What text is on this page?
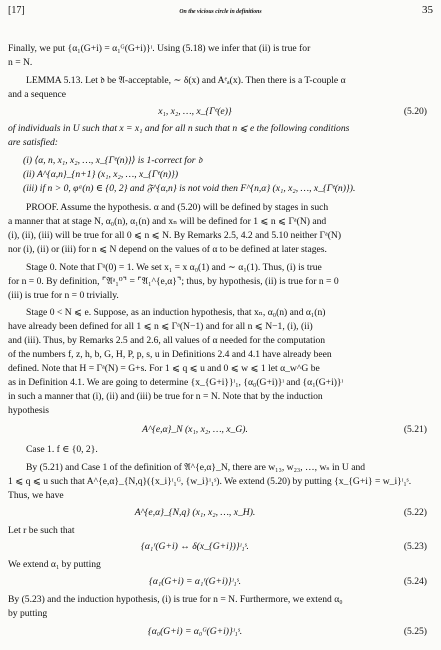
[17]	On the vicious circle in definitions	35
Finally, we put {α₁(G+i) = α₁ᴳ(G+i)}ᶦ. Using (5.18) we infer that (ii) is true for
n = N.
LEMMA 5.13. Let 𝔡 be 𝔄-acceptable, ∼ δ(x) and Aᵉₐ(x). Then there is a T-couple α
and a sequence
x₁, x₂, …, x_{Γᵉ(e)}	(5.20)
of individuals in U such that x = x₁ and for all n such that n ⩽ e the following conditions
are satisfied:
(i) ⟨α, n, x₁, x₂, …, x_{Γᵉ(n)}⟩ is 1-correct for 𝔡
(ii) A^{α,n}_{n+1} (x₁, x₂, …, x_{Γᵉ(n)})
(iii) if n > 0, φᵃ(n) ∈ {0, 2} and 𝔉^{α,n} is not void then F^{n,α} (x₁, x₂, …, x_{Γᵉ(n)}).
PROOF. Assume the hypothesis. α and (5.20) will be defined by stages in such
a manner that at stage N, α₀(n), α₁(n) and xₙ will be defined for 1 ⩽ n ⩽ Γᵃ(N) and
(i), (ii), (iii) will be true for all 0 ⩽ n ⩽ N. By Remarks 2.5, 4.2 and 5.10 neither Γᵃ(N)
nor (i), (ii) or (iii) for n ⩽ N depend on the values of α to be defined at later stages.
Stage 0. Note that Γᵃ(0) = 1. We set x₁ = x α₀(1) and ∼ α₁(1). Thus, (i) is true
for n = 0. By definition, ⌜𝔄ᵃ₁⁰⌝ = ⌜𝔄₁^{e,α}⌝; thus, by hypothesis, (ii) is true for n = 0
(iii) is true for n = 0 trivially.
Stage 0 < N ⩽ e. Suppose, as an induction hypothesis, that xₙ, α₀(n) and α₁(n)
have already been defined for all 1 ⩽ n ⩽ Γᵃ(N−1) and for all n ⩽ N−1, (i), (ii)
and (iii). Thus, by Remarks 2.5 and 2.6, all values of α needed for the computation
of the numbers f, z, h, b, G, H, P, p, s, u in Definitions 2.4 and 4.1 have already been
defined. Note that H = Γᵃ(N) = G+s. For 1 ⩽ q ⩽ u and 0 ⩽ w ⩽ 1 let α_w^G be
as in Definition 4.1. We are going to determine {x_{G+i}}ᶦ₁, {α₀(G+i)}ᶦ and {α₁(G+i)}ᶦ
in such a manner that (i), (ii) and (iii) be true for n = N. Note that by the induction
hypothesis
A^{e,α}_N (x₁, x₂, …, x_G).	(5.21)
Case 1. f ∈ {0, 2}.
By (5.21) and Case 1 of the definition of 𝔄^{e,α}_N, there are w₁₃, w₂₃, …, wₛ in U and
1 ⩽ q ⩽ u such that A^{e,α}_{N,q}({x_i}ᶦ₁ᴳ, {w_i}ᶦ₁ˢ). We extend (5.20) by putting {x_{G+i} = w_i}ᶦ₁ˢ.
Thus, we have
A^{e,α}_{N,q} (x₁, x₂, …, x_H).	(5.22)
Let r be such that
{α₁ʳ(G+i) ↔ δ(x_{G+i})}ᶦ₁ˢ.	(5.23)
We extend α₁ by putting
{α₁(G+i) = α₁ʳ(G+i)}ᶦ₁ˢ.	(5.24)
By (5.23) and the induction hypothesis, (i) is true for n = N. Furthermore, we extend α₀
by putting
{α₀(G+i) = α₀ᴳ(G+i)}ᶦ₁ˢ.	(5.25)
